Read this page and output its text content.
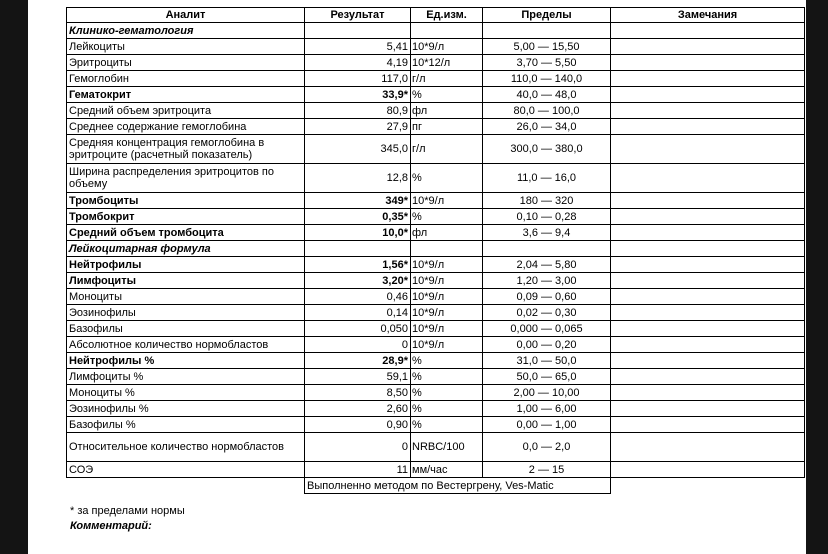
Аналит	Результат	Ед.изм.	Пределы	Замечания
Клинико-гематология				
Лейкоциты	5,41	10*9/л	5,00 — 15,50	
Эритроциты	4,19	10*12/л	3,70 — 5,50	
Гемоглобин	117,0	г/л	110,0 — 140,0	
Гематокрит	33,9*	%	40,0 — 48,0	
Средний объем эритроцита	80,9	фл	80,0 — 100,0	
Среднее содержание гемоглобина	27,9	пг	26,0 — 34,0	
Средняя концентрация гемоглобина в эритроците (расчетный показатель)	345,0	г/л	300,0 — 380,0	
Ширина распределения эритроцитов по объему	12,8	%	11,0 — 16,0	
Тромбоциты	349*	10*9/л	180 — 320	
Тромбокрит	0,35*	%	0,10 — 0,28	
Средний объем тромбоцита	10,0*	фл	3,6 — 9,4	
Лейкоцитарная формула				
Нейтрофилы	1,56*	10*9/л	2,04 — 5,80	
Лимфоциты	3,20*	10*9/л	1,20 — 3,00	
Моноциты	0,46	10*9/л	0,09 — 0,60	
Эозинофилы	0,14	10*9/л	0,02 — 0,30	
Базофилы	0,050	10*9/л	0,000 — 0,065	
Абсолютное количество нормобластов	0	10*9/л	0,00 — 0,20	
Нейтрофилы %	28,9*	%	31,0 — 50,0	
Лимфоциты %	59,1	%	50,0 — 65,0	
Моноциты %	8,50	%	2,00 — 10,00	
Эозинофилы %	2,60	%	1,00 — 6,00	
Базофилы %	0,90	%	0,00 — 1,00	
Относительное количество нормобластов	0	NRBC/100	0,0 — 2,0	
СОЭ	11	мм/час	2 — 15	
	Выполненно методом по Вестергрену, Ves-Matic			
* за пределами нормы
Комментарий:
